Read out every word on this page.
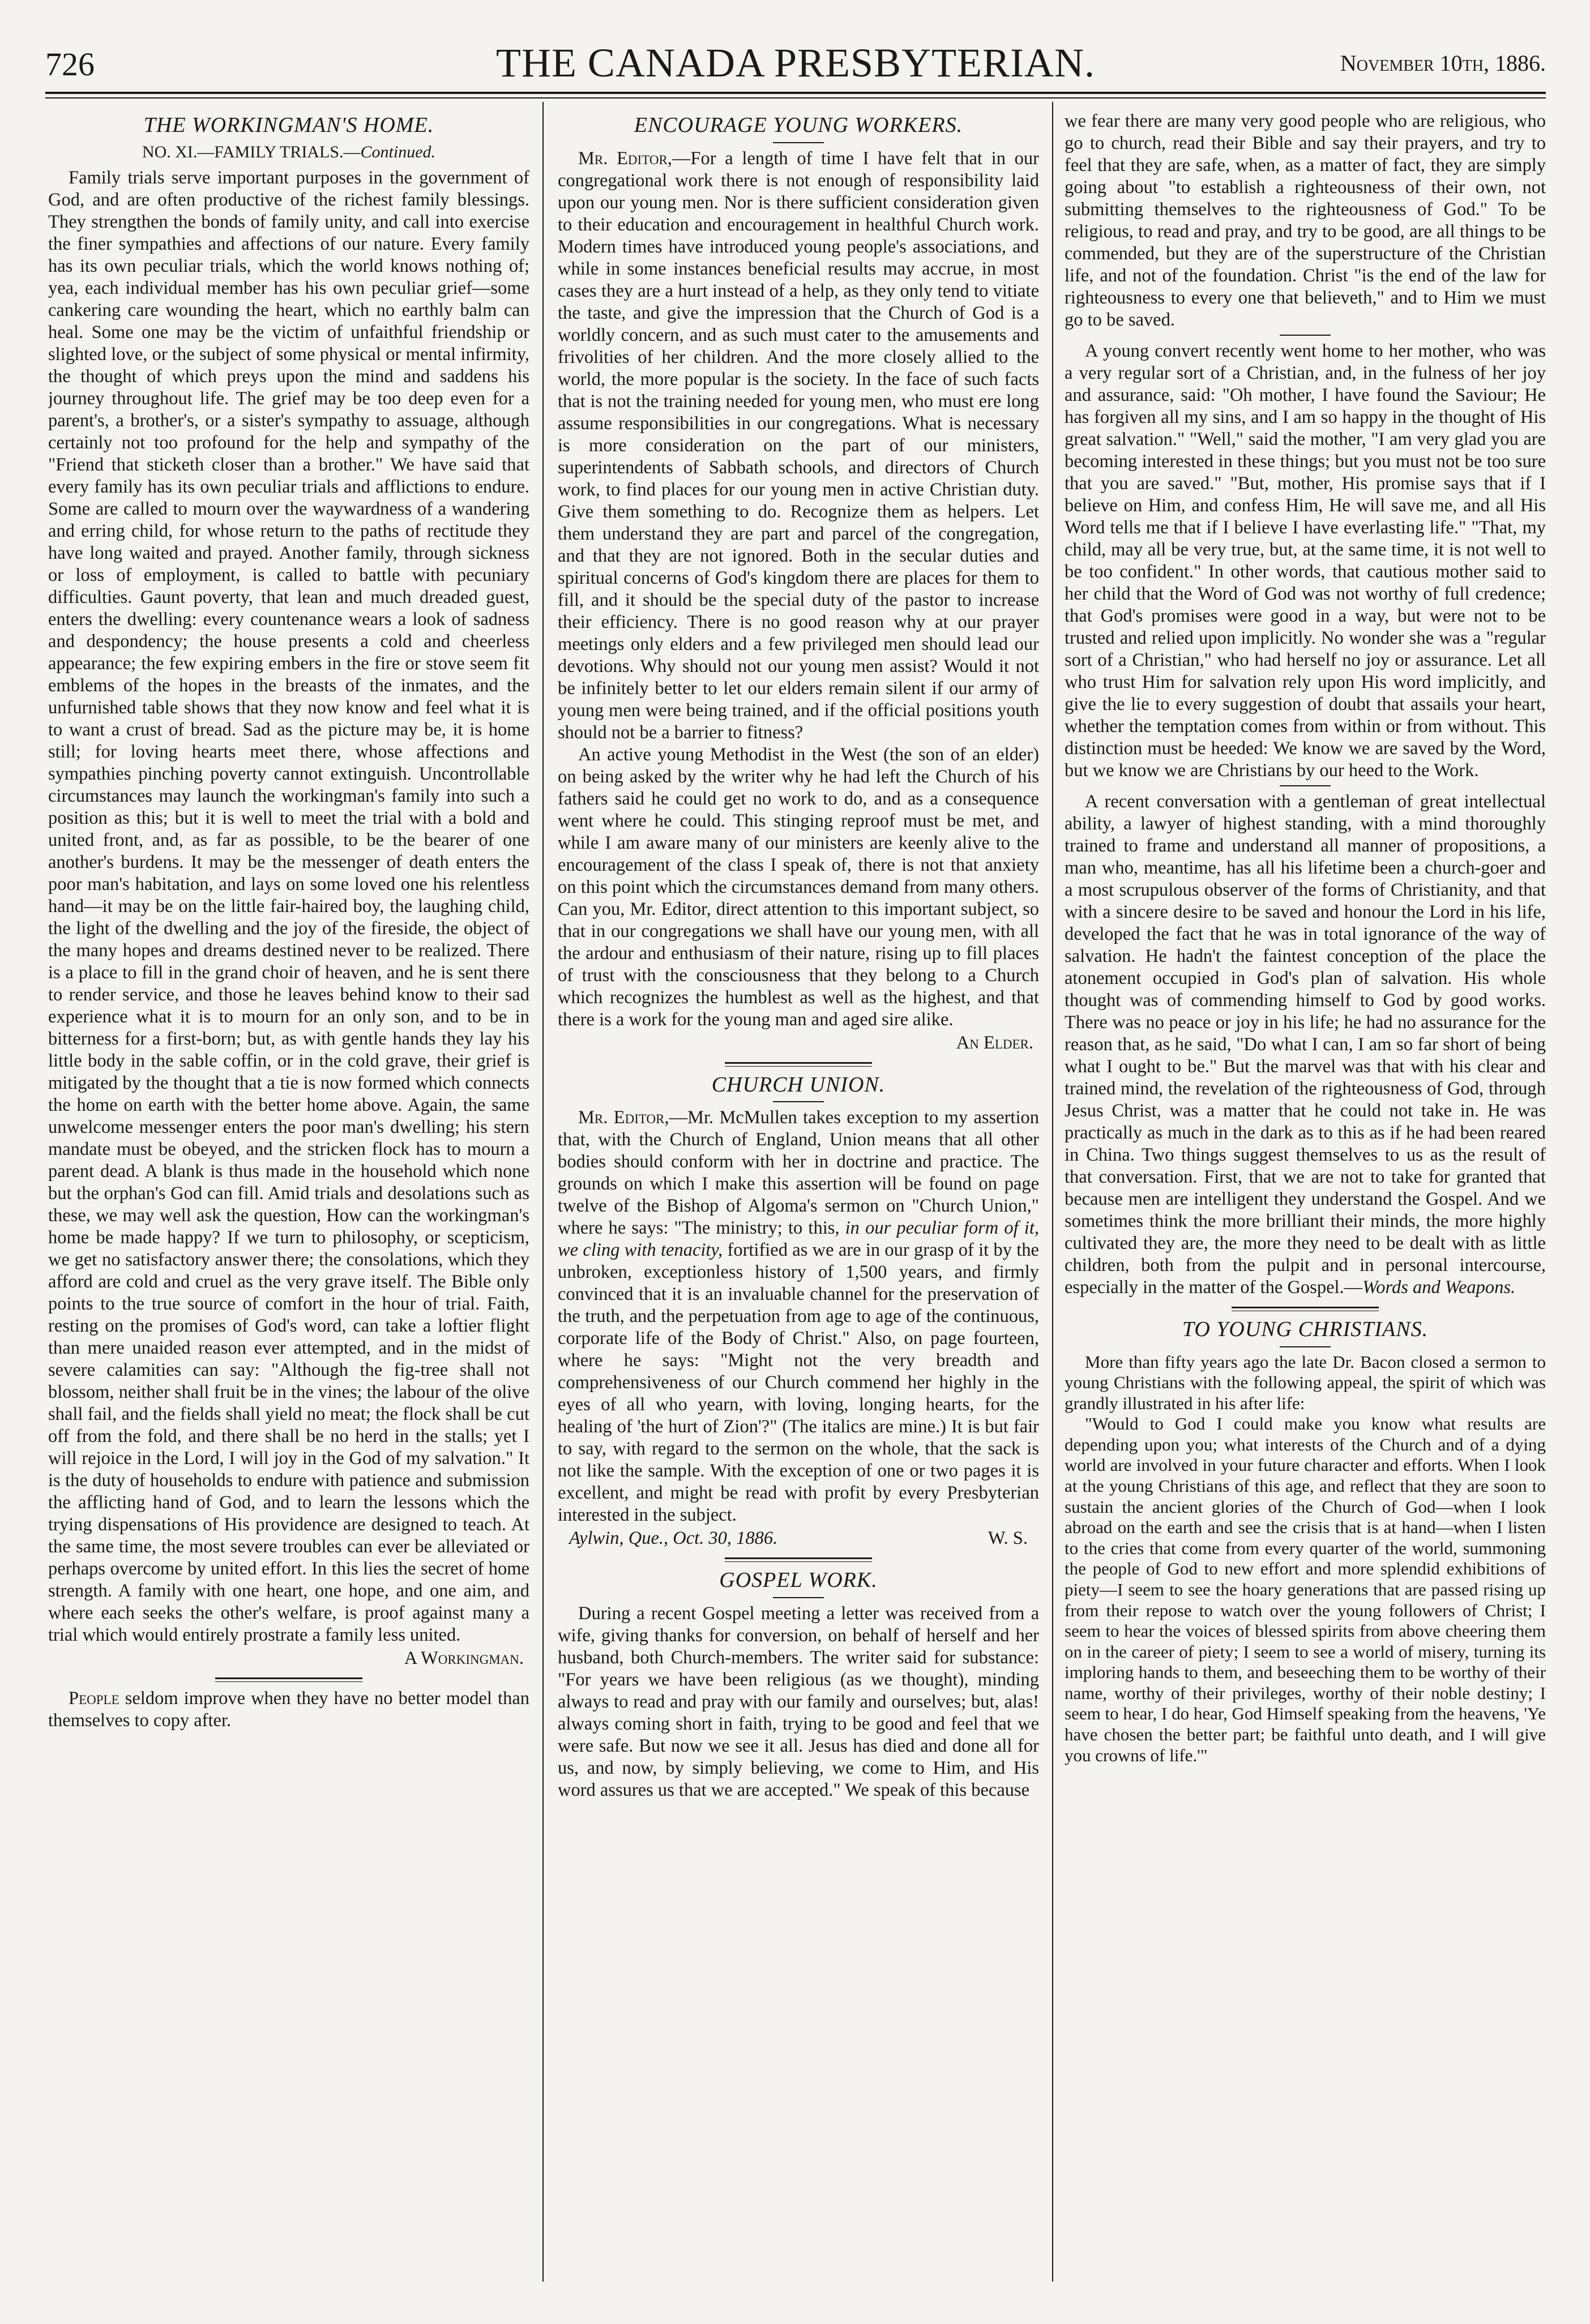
726	THE CANADA PRESBYTERIAN.	November 10th, 1886.
THE WORKINGMAN'S HOME.
NO. XI.—FAMILY TRIALS.—Continued.

Family trials serve important purposes in the government of God, and are often productive of the richest family blessings. They strengthen the bonds of family unity, and call into exercise the finer sympathies and affections of our nature. Every family has its own peculiar trials, which the world knows nothing of; yea, each individual member has his own peculiar grief—some cankering care wounding the heart, which no earthly balm can heal. Some one may be the victim of unfaithful friendship or slighted love, or the subject of some physical or mental infirmity, the thought of which preys upon the mind and saddens his journey throughout life. The grief may be too deep even for a parent's, a brother's, or a sister's sympathy to assuage, although certainly not too profound for the help and sympathy of the "Friend that sticketh closer than a brother." We have said that every family has its own peculiar trials and afflictions to endure. Some are called to mourn over the waywardness of a wandering and erring child, for whose return to the paths of rectitude they have long waited and prayed. Another family, through sickness or loss of employment, is called to battle with pecuniary difficulties. Gaunt poverty, that lean and much dreaded guest, enters the dwelling: every countenance wears a look of sadness and despondency; the house presents a cold and cheerless appearance; the few expiring embers in the fire or stove seem fit emblems of the hopes in the breasts of the inmates, and the unfurnished table shows that they now know and feel what it is to want a crust of bread. Sad as the picture may be, it is home still; for loving hearts meet there, whose affections and sympathies pinching poverty cannot extinguish. Uncontrollable circumstances may launch the workingman's family into such a position as this; but it is well to meet the trial with a bold and united front, and, as far as possible, to be the bearer of one another's burdens. It may be the messenger of death enters the poor man's habitation, and lays on some loved one his relentless hand—it may be on the little fair-haired boy, the laughing child, the light of the dwelling and the joy of the fireside, the object of the many hopes and dreams destined never to be realized. There is a place to fill in the grand choir of heaven, and he is sent there to render service, and those he leaves behind know to their sad experience what it is to mourn for an only son, and to be in bitterness for a first-born; but, as with gentle hands they lay his little body in the sable coffin, or in the cold grave, their grief is mitigated by the thought that a tie is now formed which connects the home on earth with the better home above. Again, the same unwelcome messenger enters the poor man's dwelling; his stern mandate must be obeyed, and the stricken flock has to mourn a parent dead. A blank is thus made in the household which none but the orphan's God can fill. Amid trials and desolations such as these, we may well ask the question, How can the workingman's home be made happy? If we turn to philosophy, or scepticism, we get no satisfactory answer there; the consolations, which they afford are cold and cruel as the very grave itself. The Bible only points to the true source of comfort in the hour of trial. Faith, resting on the promises of God's word, can take a loftier flight than mere unaided reason ever attempted, and in the midst of severe calamities can say: "Although the fig-tree shall not blossom, neither shall fruit be in the vines; the labour of the olive shall fail, and the fields shall yield no meat; the flock shall be cut off from the fold, and there shall be no herd in the stalls; yet I will rejoice in the Lord, I will joy in the God of my salvation." It is the duty of households to endure with patience and submission the afflicting hand of God, and to learn the lessons which the trying dispensations of His providence are designed to teach. At the same time, the most severe troubles can ever be alleviated or perhaps overcome by united effort. In this lies the secret of home strength. A family with one heart, one hope, and one aim, and where each seeks the other's welfare, is proof against many a trial which would entirely prostrate a family less united.

A Workingman.

People seldom improve when they have no better model than themselves to copy after.

ENCOURAGE YOUNG WORKERS.

Mr. Editor,—For a length of time I have felt that in our congregational work there is not enough of responsibility laid upon our young men. Nor is there sufficient consideration given to their education and encouragement in healthful Church work. Modern times have introduced young people's associations, and while in some instances beneficial results may accrue, in most cases they are a hurt instead of a help, as they only tend to vitiate the taste, and give the impression that the Church of God is a worldly concern, and as such must cater to the amusements and frivolities of her children. And the more closely allied to the world, the more popular is the society. In the face of such facts that is not the training needed for young men, who must ere long assume responsibilities in our congregations. What is necessary is more consideration on the part of our ministers, superintendents of Sabbath schools, and directors of Church work, to find places for our young men in active Christian duty. Give them something to do. Recognize them as helpers. Let them understand they are part and parcel of the congregation, and that they are not ignored. Both in the secular duties and spiritual concerns of God's kingdom there are places for them to fill, and it should be the special duty of the pastor to increase their efficiency. There is no good reason why at our prayer meetings only elders and a few privileged men should lead our devotions. Why should not our young men assist? Would it not be infinitely better to let our elders remain silent if our army of young men were being trained, and if the official positions youth should not be a barrier to fitness?

An active young Methodist in the West (the son of an elder) on being asked by the writer why he had left the Church of his fathers said he could get no work to do, and as a consequence went where he could. This stinging reproof must be met, and while I am aware many of our ministers are keenly alive to the encouragement of the class I speak of, there is not that anxiety on this point which the circumstances demand from many others. Can you, Mr. Editor, direct attention to this important subject, so that in our congregations we shall have our young men, with all the ardour and enthusiasm of their nature, rising up to fill places of trust with the consciousness that they belong to a Church which recognizes the humblest as well as the highest, and that there is a work for the young man and aged sire alike.

An Elder.
CHURCH UNION.

Mr. Editor,—Mr. McMullen takes exception to my assertion that, with the Church of England, Union means that all other bodies should conform with her in doctrine and practice. The grounds on which I make this assertion will be found on page twelve of the Bishop of Algoma's sermon on "Church Union," where he says: "The ministry; to this, in our peculiar form of it, we cling with tenacity, fortified as we are in our grasp of it by the unbroken, exceptionless history of 1,500 years, and firmly convinced that it is an invaluable channel for the preservation of the truth, and the perpetuation from age to age of the continuous, corporate life of the Body of Christ." Also, on page fourteen, where he says: "Might not the very breadth and comprehensiveness of our Church commend her highly in the eyes of all who yearn, with loving, longing hearts, for the healing of 'the hurt of Zion'?" (The italics are mine.) It is but fair to say, with regard to the sermon on the whole, that the sack is not like the sample. With the exception of one or two pages it is excellent, and might be read with profit by every Presbyterian interested in the subject.

Aylwin, Que., Oct. 30, 1886.	W. S.
GOSPEL WORK.

During a recent Gospel meeting a letter was received from a wife, giving thanks for conversion, on behalf of herself and her husband, both Church-members. The writer said for substance: "For years we have been religious (as we thought), minding always to read and pray with our family and ourselves; but, alas! always coming short in faith, trying to be good and feel that we were safe. But now we see it all. Jesus has died and done all for us, and now, by simply believing, we come to Him, and His word assures us that we are accepted." We speak of this because

we fear there are many very good people who are religious, who go to church, read their Bible and say their prayers, and try to feel that they are safe, when, as a matter of fact, they are simply going about "to establish a righteousness of their own, not submitting themselves to the righteousness of God." To be religious, to read and pray, and try to be good, are all things to be commended, but they are of the superstructure of the Christian life, and not of the foundation. Christ "is the end of the law for righteousness to every one that believeth," and to Him we must go to be saved.

A young convert recently went home to her mother, who was a very regular sort of a Christian, and, in the fulness of her joy and assurance, said: "Oh mother, I have found the Saviour; He has forgiven all my sins, and I am so happy in the thought of His great salvation." "Well," said the mother, "I am very glad you are becoming interested in these things; but you must not be too sure that you are saved." "But, mother, His promise says that if I believe on Him, and confess Him, He will save me, and all His Word tells me that if I believe I have everlasting life." "That, my child, may all be very true, but, at the same time, it is not well to be too confident." In other words, that cautious mother said to her child that the Word of God was not worthy of full credence; that God's promises were good in a way, but were not to be trusted and relied upon implicitly. No wonder she was a "regular sort of a Christian," who had herself no joy or assurance. Let all who trust Him for salvation rely upon His word implicitly, and give the lie to every suggestion of doubt that assails your heart, whether the temptation comes from within or from without. This distinction must be heeded: We know we are saved by the Word, but we know we are Christians by our heed to the Work.

A recent conversation with a gentleman of great intellectual ability, a lawyer of highest standing, with a mind thoroughly trained to frame and understand all manner of propositions, a man who, meantime, has all his lifetime been a church-goer and a most scrupulous observer of the forms of Christianity, and that with a sincere desire to be saved and honour the Lord in his life, developed the fact that he was in total ignorance of the way of salvation. He hadn't the faintest conception of the place the atonement occupied in God's plan of salvation. His whole thought was of commending himself to God by good works. There was no peace or joy in his life; he had no assurance for the reason that, as he said, "Do what I can, I am so far short of being what I ought to be." But the marvel was that with his clear and trained mind, the revelation of the righteousness of God, through Jesus Christ, was a matter that he could not take in. He was practically as much in the dark as to this as if he had been reared in China. Two things suggest themselves to us as the result of that conversation. First, that we are not to take for granted that because men are intelligent they understand the Gospel. And we sometimes think the more brilliant their minds, the more highly cultivated they are, the more they need to be dealt with as little children, both from the pulpit and in personal intercourse, especially in the matter of the Gospel.—Words and Weapons.

TO YOUNG CHRISTIANS.

More than fifty years ago the late Dr. Bacon closed a sermon to young Christians with the following appeal, the spirit of which was grandly illustrated in his after life:

"Would to God I could make you know what results are depending upon you; what interests of the Church and of a dying world are involved in your future character and efforts. When I look at the young Christians of this age, and reflect that they are soon to sustain the ancient glories of the Church of God—when I look abroad on the earth and see the crisis that is at hand—when I listen to the cries that come from every quarter of the world, summoning the people of God to new effort and more splendid exhibitions of piety—I seem to see the hoary generations that are passed rising up from their repose to watch over the young followers of Christ; I seem to hear the voices of blessed spirits from above cheering them on in the career of piety; I seem to see a world of misery, turning its imploring hands to them, and beseeching them to be worthy of their name, worthy of their privileges, worthy of their noble destiny; I seem to hear, I do hear, God Himself speaking from the heavens, 'Ye have chosen the better part; be faithful unto death, and I will give you crowns of life.'"
